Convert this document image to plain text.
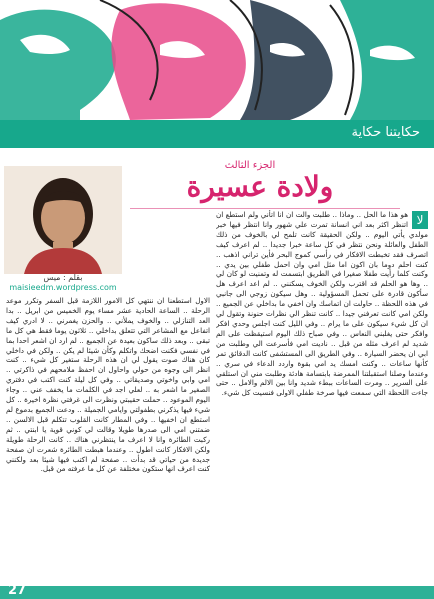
حكايتنا حكاية
بقلم : ميس
maisieedm.wordpress.com
الجزء الثالث
ولادة عسيرة
لا

هو هذا ما الحل .. وماذا .. طلبت والت ان انا اتأني ولم استطع ان اتنظر اكثر بعد اني انسانة تمرت علي شهور وانا انتظر فيها خبر مولدي يأتي اليوم .. ولكن الحقيقة كانت تلمح لي بالخوف من ذلك الطفل والعائلة ونحن نتظر في كل ساعة خبرا جديدا .. لم اعرف كيف اتصرف فقد تخبطت الافكار في رأسي كموج البحر فأين تراني اذهب .. كنت احلم دوما بان اكون اما مثل امي وان احمل طفلي بين يدي .. وكنت كلما رأيت طفلا صغيرا في الطريق ابتسمت له وتمنيت لو كان لي .. وها هو الحلم قد اقترب ولكن الخوف يسكنني .. لم اعد اعرف هل سأكون قادرة على تحمل المسؤولية .. وهل سيكون زوجي الى جانبي في هذه اللحظة .. حاولت ان اتماسك وان اخفي ما بداخلي عن الجميع .. ولكن امي كانت تعرفني جيدا .. كانت تنظر الي نظرات حنونة وتقول لي ان كل شيء سيكون على ما يرام .. وفي الليل كنت اجلس وحدي افكر وافكر حتى يغلبني النعاس .. وفي صباح ذلك اليوم استيقظت على الم شديد لم اعرف مثله من قبل .. ناديت امي فأسرعت الي وطلبت من ابي ان يحضر السيارة .. وفي الطريق الى المستشفى كانت الدقائق تمر كأنها ساعات .. وكنت امسك يد امي بقوة واردد الدعاء في سري .. وعندما وصلنا استقبلتنا الممرضة بابتسامة هادئة وطلبت مني ان استلقي على السرير .. ومرت الساعات ببطء شديد وانا بين الالم والامل .. حتى جاءت اللحظة التي سمعت فيها صرخة طفلي الاولى فنسيت كل شيء.

الاول استطعنا ان ننتهي كل الامور اللازمة قبل السفر وتكرر موعد الرحلة .. الساعة الحادية عشر مساء يوم الخميس من ابريل .. بدا العد التنازلي .. والخوف يملأني .. والحزن يغمرني .. لا ادري كيف اتفاعل مع المشاعر التي تتعلق بداخلي .. ثلاثون يوما فقط هي كل ما تبقى .. وبعد ذلك ساكون بعيدة عن الجميع .. لم ارد ان اشعر احدا بما في نفسي فكنت اضحك واتكلم وكأن شيئا لم يكن .. ولكن في داخلي كان هناك صوت يقول لي ان هذه الرحلة ستغير كل شيء .. كنت انظر الى وجوه من حولي واحاول ان احفظ ملامحهم في ذاكرتي .. امي وابي واخوتي وصديقاتي .. وفي كل ليلة كنت اكتب في دفتري الصغير ما اشعر به .. لعلي اجد في الكلمات ما يخفف عني .. وجاء اليوم الموعود .. حملت حقيبتي ونظرت الى غرفتي نظرة اخيرة .. كل شيء فيها يذكرني بطفولتي وايامي الجميلة .. ودعت الجميع بدموع لم استطع ان اخفيها .. وفي المطار كانت القلوب تتكلم قبل الالسن .. ضمتني امي الى صدرها طويلا وقالت لي كوني قوية يا ابنتي .. ثم ركبت الطائرة وانا لا اعرف ما ينتظرني هناك .. كانت الرحلة طويلة ولكن الافكار كانت اطول .. وعندما هبطت الطائرة شعرت ان صفحة جديدة من حياتي قد بدأت .. صفحة لم اكتب فيها شيئا بعد ولكنني كنت اعرف انها ستكون مختلفة عن كل ما عرفته من قبل.

27
